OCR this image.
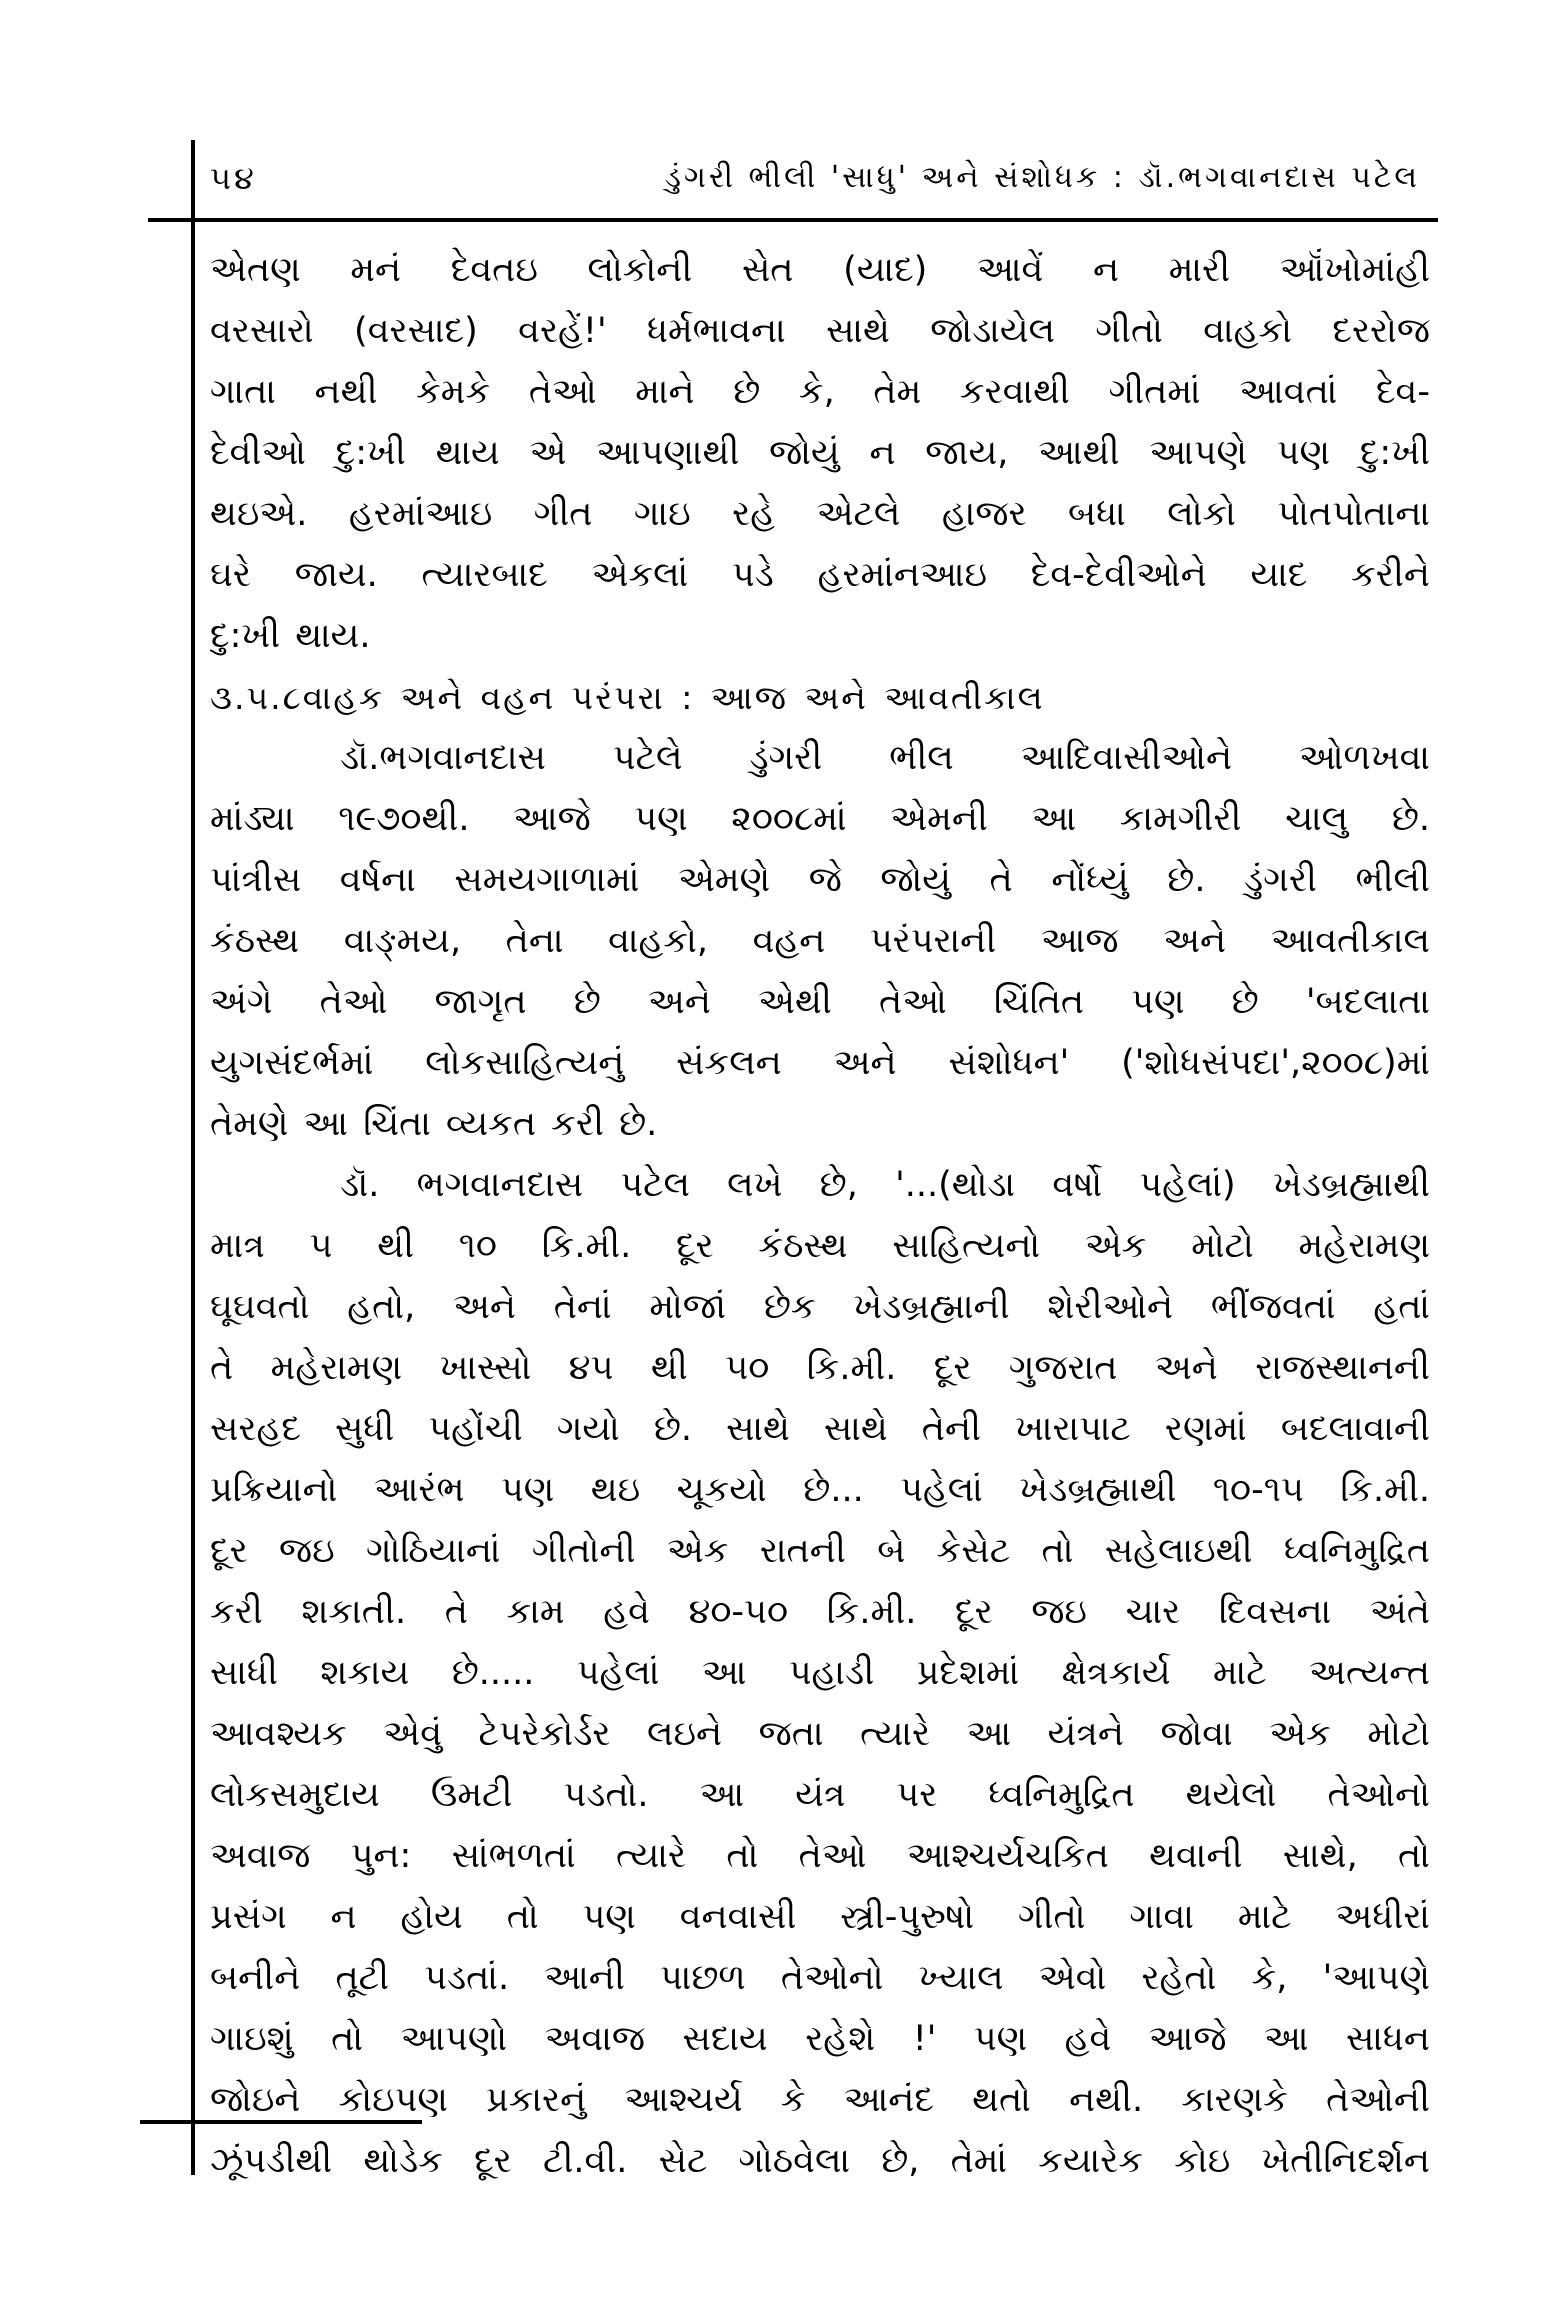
૫૪	ડુંગરી ભીલી 'સાધુ' અને સંશોધક : ડૉ.ભગવાનદાસ પટેલ
એતણ મનં દેવતઇ લોકોની સેત (યાદ) આવેં ન મારી ઑંખોમાંહી
વરસારો (વરસાદ) વરહેં!' ધર્મભાવના સાથે જોડાયેલ ગીતો વાહકો દરરોજ
ગાતા નથી કેમકે તેઓ માને છે કે, તેમ કરવાથી ગીતમાં આવતાં દેવ-
દેવીઓ દુ:ખી થાય એ આપણાથી જોયું ન જાય, આથી આપણે પણ દુ:ખી
થઇએ. હરમાંઆઇ ગીત ગાઇ રહે એટલે હાજર બધા લોકો પોતપોતાના
ઘરે જાય. ત્યારબાદ એકલાં પડે હરમાંનઆઇ દેવ-દેવીઓને યાદ કરીને
દુ:ખી થાય.
૩.૫.૮વાહક અને વહન પરંપરા : આજ અને આવતીકાલ
ડૉ.ભગવાનદાસ પટેલે ડુંગરી ભીલ આદિવાસીઓને ઓળખવા
માંડ્યા ૧૯૭૦થી. આજે પણ ૨૦૦૮માં એમની આ કામગીરી ચાલુ છે.
પાંત્રીસ વર્ષના સમયગાળામાં એમણે જે જોયું તે નોંધ્યું છે. ડુંગરી ભીલી
કંઠસ્થ વાઙ્મય, તેના વાહકો, વહન પરંપરાની આજ અને આવતીકાલ
અંગે તેઓ જાગૃત છે અને એથી તેઓ ચિંતિત પણ છે 'બદલાતા
યુગસંદર્ભમાં લોકસાહિત્યનું સંકલન અને સંશોધન' ('શોધસંપદા',૨૦૦૮)માં
તેમણે આ ચિંતા વ્યકત કરી છે.
ડૉ. ભગવાનદાસ પટેલ લખે છે, '...(થોડા વર્ષો પહેલાં) ખેડબ્રહ્માથી
માત્ર ૫ થી ૧૦ કિ.મી. દૂર કંઠસ્થ સાહિત્યનો એક મોટો મહેરામણ
ઘૂઘવતો હતો, અને તેનાં મોજાં છેક ખેડબ્રહ્માની શેરીઓને ભીંજવતાં હતાં
તે મહેરામણ ખાસ્સો ૪૫ થી ૫૦ કિ.મી. દૂર ગુજરાત અને રાજસ્થાનની
સરહદ સુધી પહોંચી ગયો છે. સાથે સાથે તેની ખારાપાટ રણમાં બદલાવાની
પ્રક્રિયાનો આરંભ પણ થઇ ચૂકયો છે... પહેલાં ખેડબ્રહ્માથી ૧૦-૧૫ કિ.મી.
દૂર જઇ ગોઠિયાનાં ગીતોની એક રાતની બે કેસેટ તો સહેલાઇથી ધ્વનિમુદ્રિત
કરી શકાતી. તે કામ હવે ૪૦-૫૦ કિ.મી. દૂર જઇ ચાર દિવસના અંતે
સાધી શકાય છે..... પહેલાં આ પહાડી પ્રદેશમાં ક્ષેત્રકાર્ય માટે અત્યન્ત
આવશ્યક એવું ટેપરેકોર્ડર લઇને જતા ત્યારે આ યંત્રને જોવા એક મોટો
લોકસમુદાય ઉમટી પડતો. આ યંત્ર પર ધ્વનિમુદ્રિત થયેલો તેઓનો
અવાજ પુન: સાંભળતાં ત્યારે તો તેઓ આશ્ચર્યચકિત થવાની સાથે, તો
પ્રસંગ ન હોય તો પણ વનવાસી સ્ત્રી-પુરુષો ગીતો ગાવા માટે અધીરાં
બનીને તૂટી પડતાં. આની પાછળ તેઓનો ખ્યાલ એવો રહેતો કે, 'આપણે
ગાઇશું તો આપણો અવાજ સદાય રહેશે !' પણ હવે આજે આ સાધન
જોઇને કોઇપણ પ્રકારનું આશ્ચર્ય કે આનંદ થતો નથી. કારણકે તેઓની
ઝૂંપડીથી થોડેક દૂર ટી.વી. સેટ ગોઠવેલા છે, તેમાં કયારેક કોઇ ખેતીનિદર્શન
